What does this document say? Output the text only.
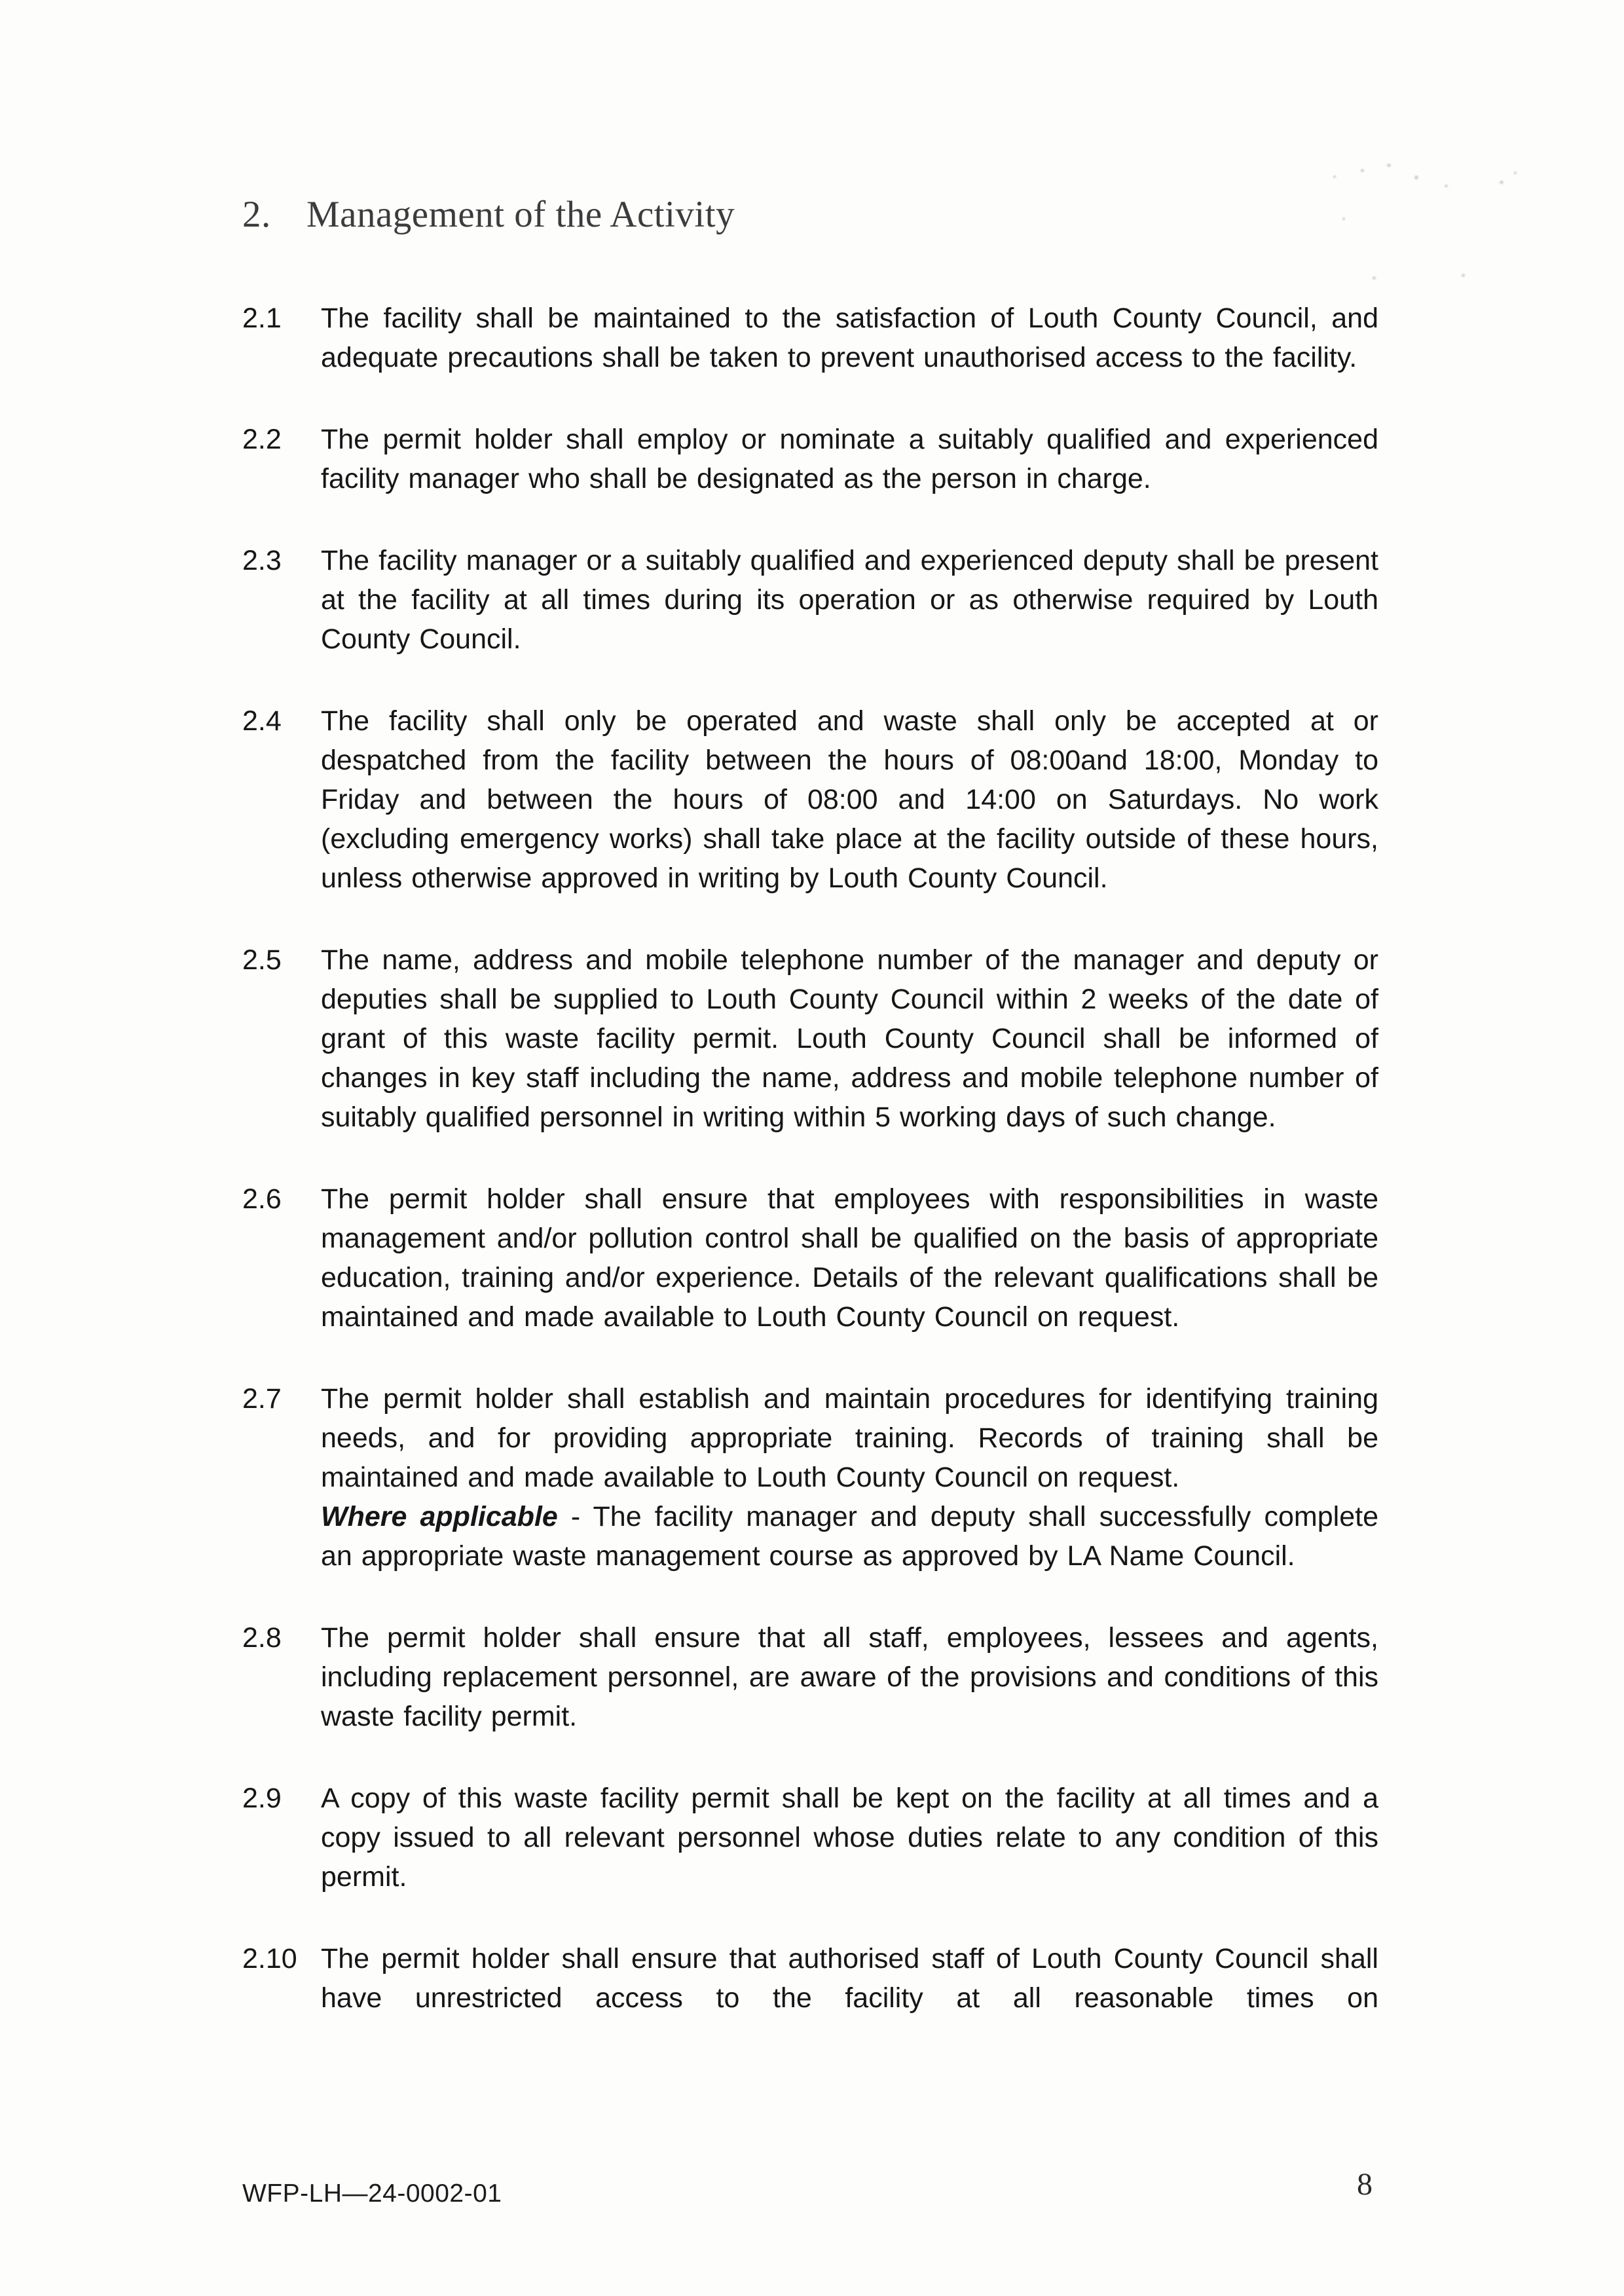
2. Management of the Activity
2.1	The facility shall be maintained to the satisfaction of Louth County Council, and adequate precautions shall be taken to prevent unauthorised access to the facility.
2.2	The permit holder shall employ or nominate a suitably qualified and experienced facility manager who shall be designated as the person in charge.
2.3	The facility manager or a suitably qualified and experienced deputy shall be present at the facility at all times during its operation or as otherwise required by Louth County Council.
2.4	The facility shall only be operated and waste shall only be accepted at or despatched from the facility between the hours of 08:00and 18:00, Monday to Friday and between the hours of 08:00 and 14:00 on Saturdays. No work (excluding emergency works) shall take place at the facility outside of these hours, unless otherwise approved in writing by Louth County Council.
2.5	The name, address and mobile telephone number of the manager and deputy or deputies shall be supplied to Louth County Council within 2 weeks of the date of grant of this waste facility permit. Louth County Council shall be informed of changes in key staff including the name, address and mobile telephone number of suitably qualified personnel in writing within 5 working days of such change.
2.6	The permit holder shall ensure that employees with responsibilities in waste management and/or pollution control shall be qualified on the basis of appropriate education, training and/or experience. Details of the relevant qualifications shall be maintained and made available to Louth County Council on request.
2.7	The permit holder shall establish and maintain procedures for identifying training needs, and for providing appropriate training. Records of training shall be maintained and made available to Louth County Council on request.
Where applicable - The facility manager and deputy shall successfully complete an appropriate waste management course as approved by LA Name Council.
2.8	The permit holder shall ensure that all staff, employees, lessees and agents, including replacement personnel, are aware of the provisions and conditions of this waste facility permit.
2.9	A copy of this waste facility permit shall be kept on the facility at all times and a copy issued to all relevant personnel whose duties relate to any condition of this permit.
2.10 The permit holder shall ensure that authorised staff of Louth County Council shall have unrestricted access to the facility at all reasonable times on
WFP-LH—24-0002-01	8
